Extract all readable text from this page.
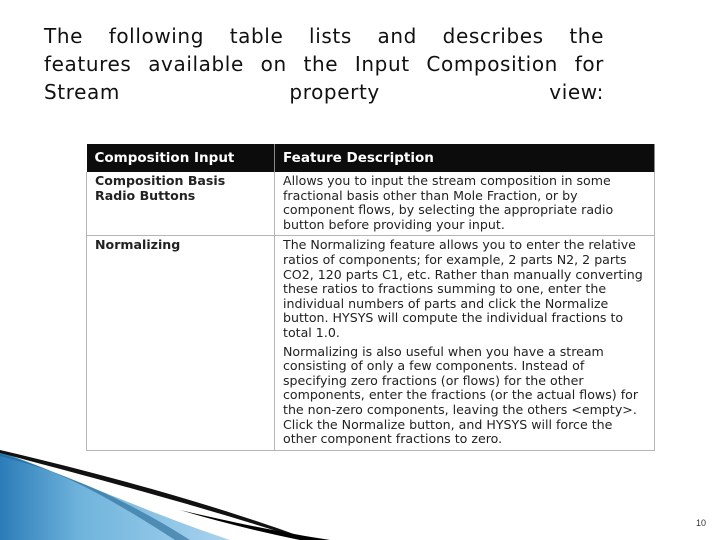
The following table lists and describes the
features available on the Input Composition for
Stream property view:
Composition Input	Feature Description
Composition Basis Radio Buttons	Allows you to input the stream composition in some fractional basis other than Mole Fraction, or by component flows, by selecting the appropriate radio button before providing your input.

Normalizing	The Normalizing feature allows you to enter the relative ratios of components; for example, 2 parts N2, 2 parts CO2, 120 parts C1, etc. Rather than manually converting these ratios to fractions summing to one, enter the individual numbers of parts and click the Normalize button. HYSYS will compute the individual fractions to total 1.0.

Normalizing is also useful when you have a stream consisting of only a few components. Instead of specifying zero fractions (or flows) for the other components, enter the fractions (or the actual flows) for the non-zero components, leaving the others <empty>. Click the Normalize button, and HYSYS will force the other component fractions to zero.

10
